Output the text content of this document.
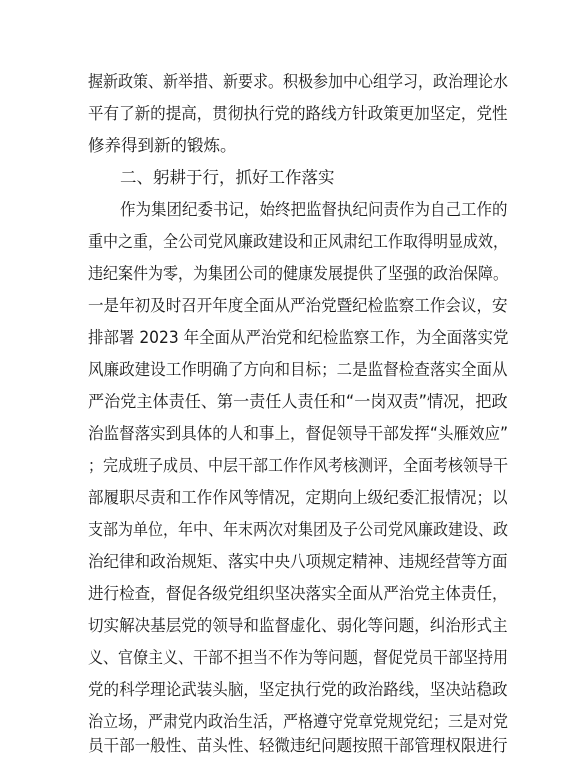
握新政策、新举措、新要求。积极参加中心组学习，政治理论水
平有了新的提高，贯彻执行党的路线方针政策更加坚定，党性
修养得到新的锻炼。
二、躬耕于行，抓好工作落实
作为集团纪委书记，始终把监督执纪问责作为自己工作的
重中之重，全公司党风廉政建设和正风肃纪工作取得明显成效，
违纪案件为零，为集团公司的健康发展提供了坚强的政治保障。
一是年初及时召开年度全面从严治党暨纪检监察工作会议，安
排部署 2023 年全面从严治党和纪检监察工作，为全面落实党
风廉政建设工作明确了方向和目标；二是监督检查落实全面从
严治党主体责任、第一责任人责任和“一岗双责”情况，把政
治监督落实到具体的人和事上，督促领导干部发挥“头雁效应”
；完成班子成员、中层干部工作作风考核测评，全面考核领导干
部履职尽责和工作作风等情况，定期向上级纪委汇报情况；以
支部为单位，年中、年末两次对集团及子公司党风廉政建设、政
治纪律和政治规矩、落实中央八项规定精神、违规经营等方面
进行检查，督促各级党组织坚决落实全面从严治党主体责任，
切实解决基层党的领导和监督虚化、弱化等问题，纠治形式主
义、官僚主义、干部不担当不作为等问题，督促党员干部坚持用
党的科学理论武装头脑，坚定执行党的政治路线，坚决站稳政
治立场，严肃党内政治生活，严格遵守党章党规党纪；三是对党
员干部一般性、苗头性、轻微违纪问题按照干部管理权限进行
